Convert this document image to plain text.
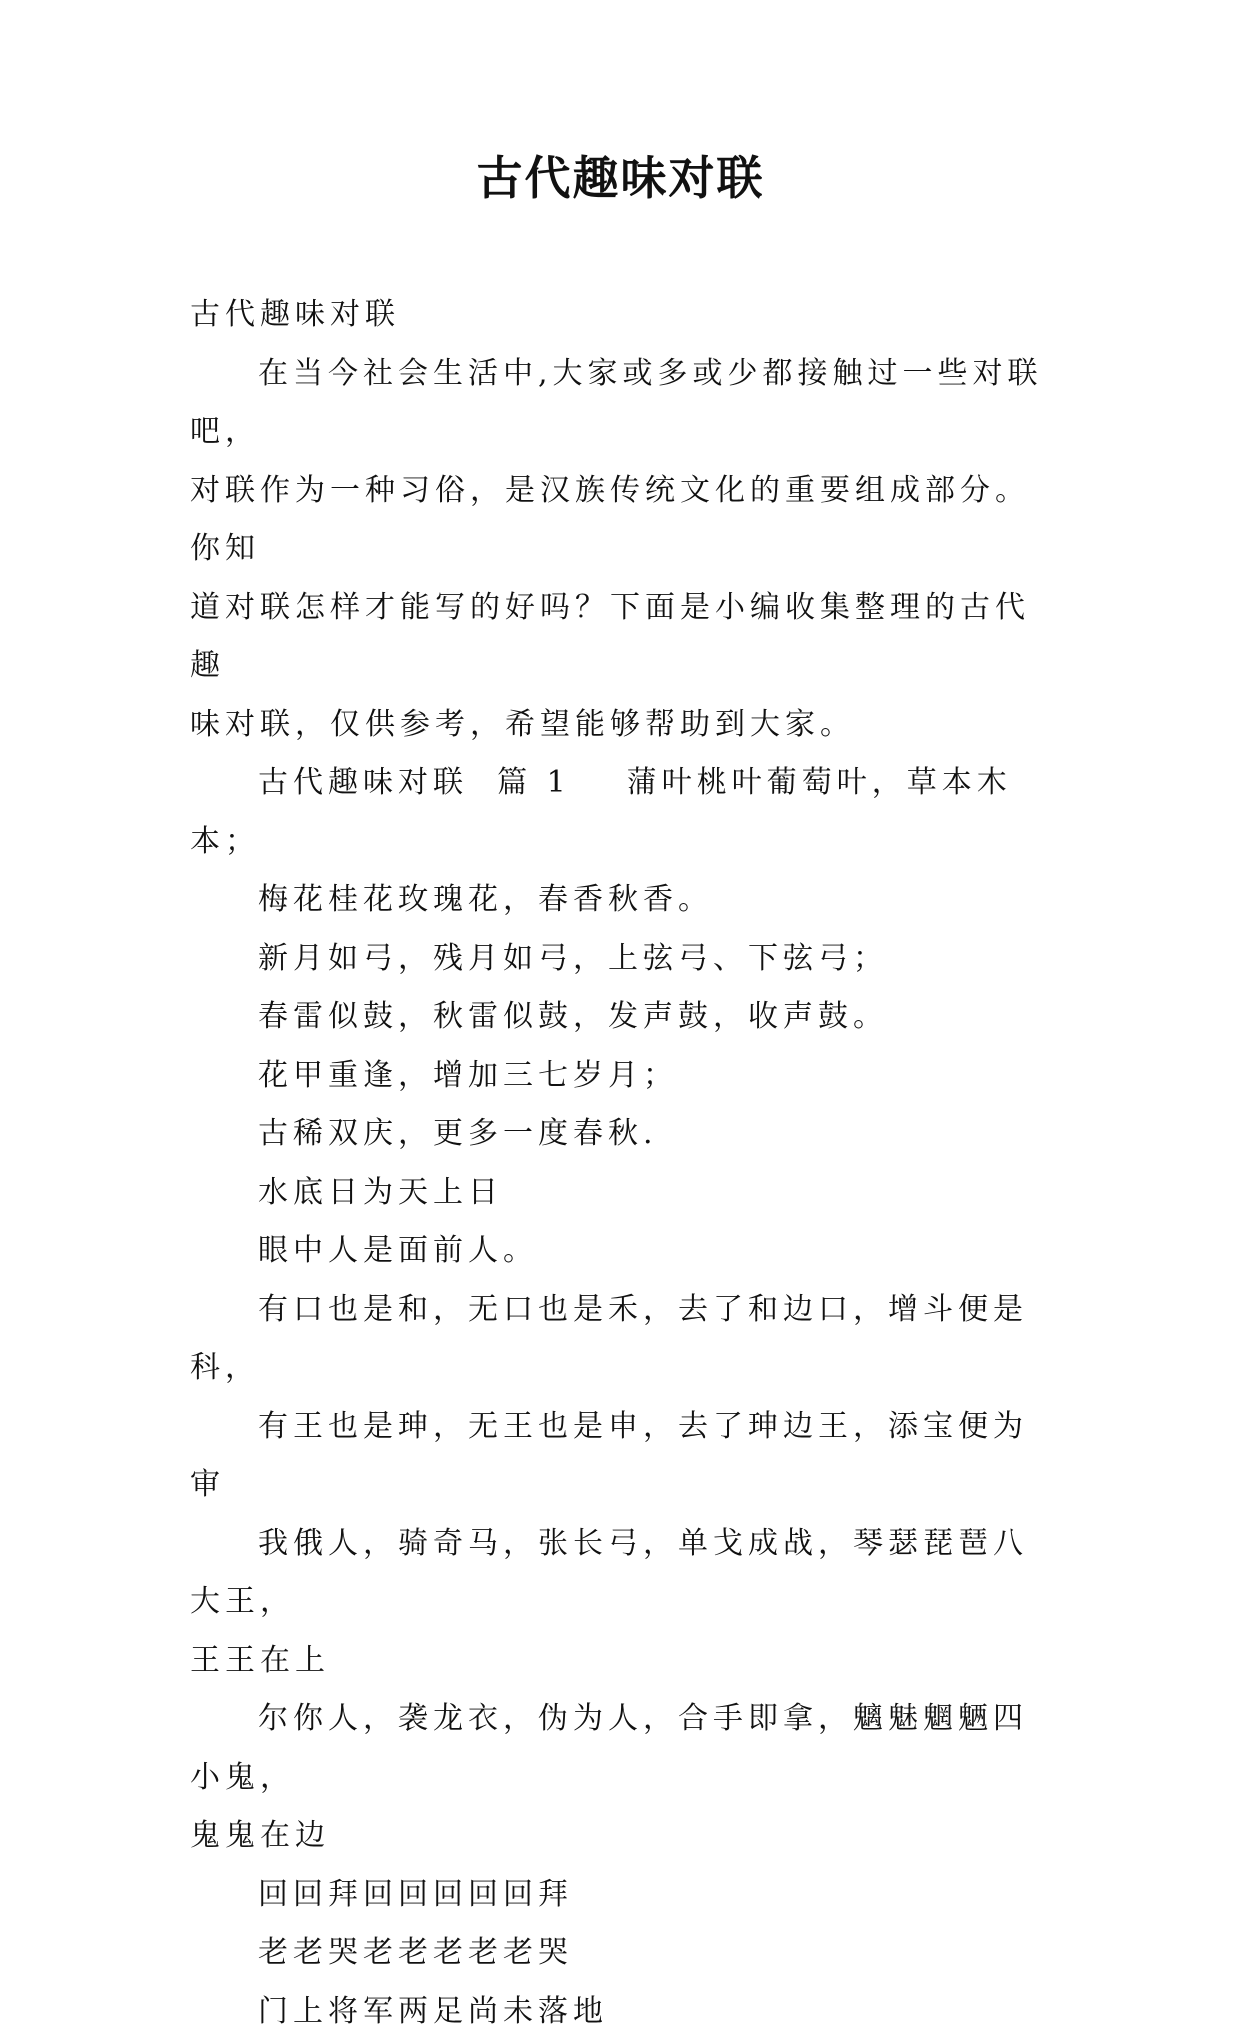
古代趣味对联

古代趣味对联

在当今社会生活中,大家或多或少都接触过一些对联吧，
对联作为一种习俗，是汉族传统文化的重要组成部分。你知
道对联怎样才能写的好吗？下面是小编收集整理的古代趣
味对联，仅供参考，希望能够帮助到大家。

古代趣味对联  篇 1 蒲叶桃叶葡萄叶，草本木本；

梅花桂花玫瑰花，春香秋香。

新月如弓，残月如弓，上弦弓、下弦弓；

春雷似鼓，秋雷似鼓，发声鼓，收声鼓。

花甲重逢，增加三七岁月；

古稀双庆，更多一度春秋.

水底日为天上日

眼中人是面前人。

有口也是和，无口也是禾，去了和边口，增斗便是科，

有王也是珅，无王也是申，去了珅边王，添宝便为审

我俄人，骑奇马，张长弓，单戈成战，琴瑟琵琶八大王，
王王在上

尔你人，袭龙衣，伪为人，合手即拿，魑魅魍魉四小鬼，
鬼鬼在边

回回拜回回回回回拜

老老哭老老老老老哭

门上将军两足尚未落地
